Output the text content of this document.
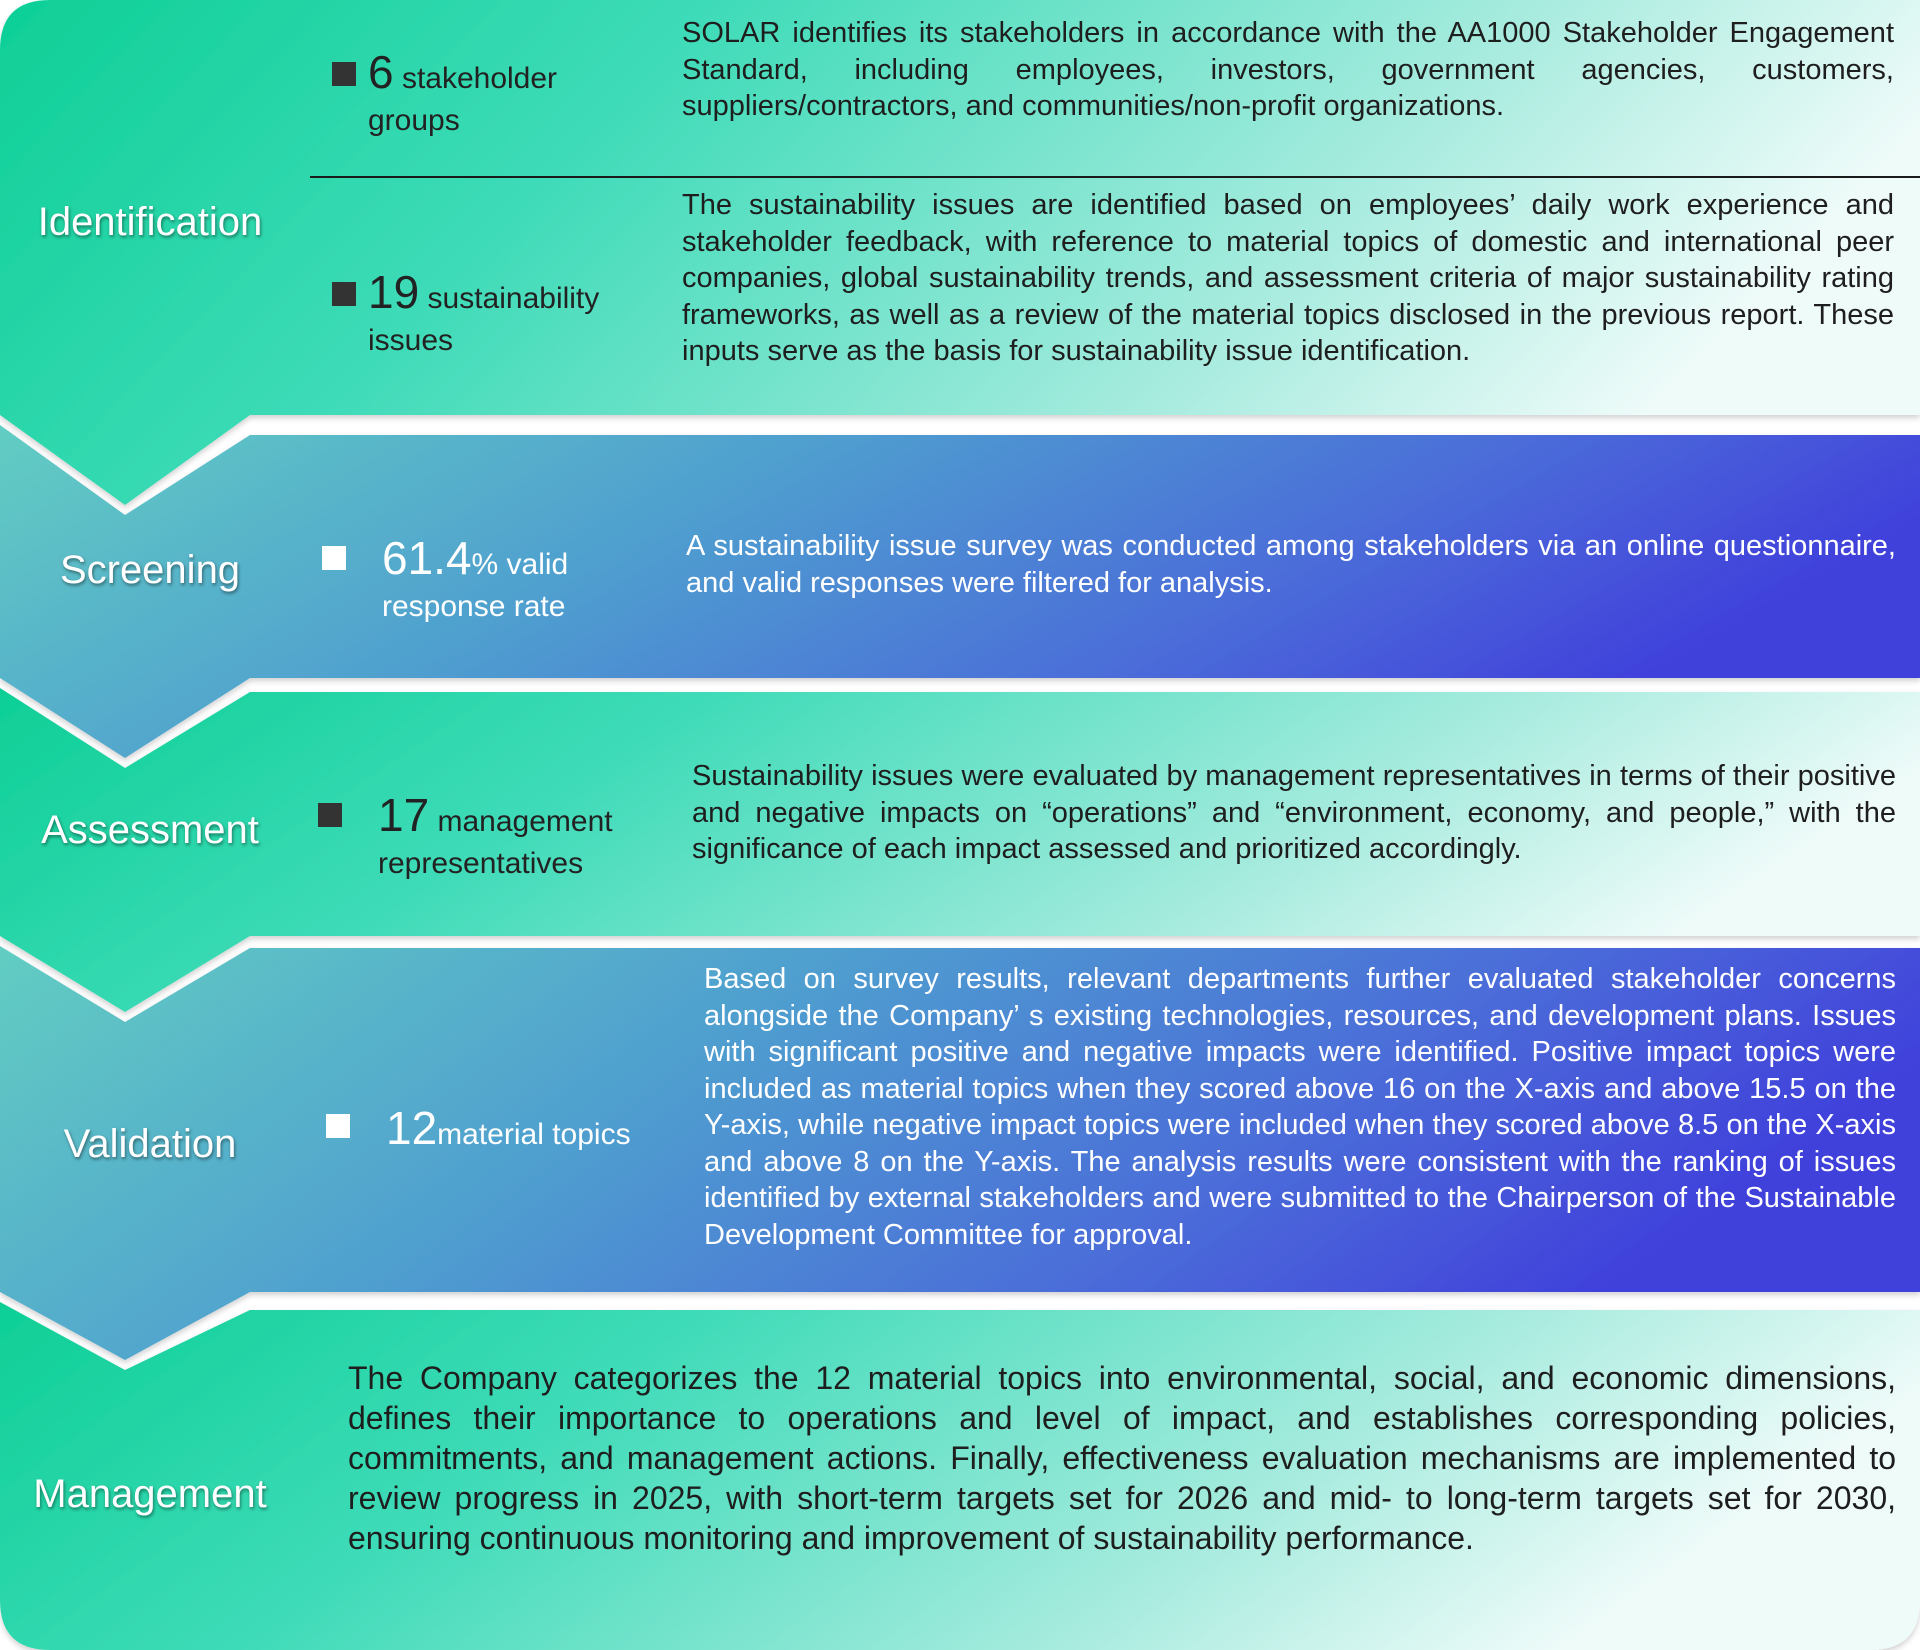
Identification
Screening
Assessment
Validation
Management
6 stakeholder
groups
19 sustainability
issues
SOLAR identifies its stakeholders in accordance with the AA1000 Stakeholder Engagement Standard, including employees, investors, government agencies, customers, suppliers/contractors, and communities/non-profit organizations.
The sustainability issues are identified based on employees’ daily work experience and stakeholder feedback, with reference to material topics of domestic and international peer companies, global sustainability trends, and assessment criteria of major sustainability rating frameworks, as well as a review of the material topics disclosed in the previous report. These inputs serve as the basis for sustainability issue identification.
61.4% valid
response rate
A sustainability issue survey was conducted among stakeholders via an online questionnaire, and valid responses were filtered for analysis.
17 management
representatives
Sustainability issues were evaluated by management representatives in terms of their positive and negative impacts on “operations” and “environment, economy, and people,” with the significance of each impact assessed and prioritized accordingly.
12material topics
Based on survey results, relevant departments further evaluated stakeholder concerns alongside the Company’ s existing technologies, resources, and development plans. Issues with significant positive and negative impacts were identified. Positive impact topics were included as material topics when they scored above 16 on the X-axis and above 15.5 on the Y-axis, while negative impact topics were included when they scored above 8.5 on the X-axis and above 8 on the Y-axis. The analysis results were consistent with the ranking of issues identified by external stakeholders and were submitted to the Chairperson of the Sustainable Development Committee for approval.
The Company categorizes the 12 material topics into environmental, social, and economic dimensions, defines their importance to operations and level of impact, and establishes corresponding policies, commitments, and management actions. Finally, effectiveness evaluation mechanisms are implemented to review progress in 2025, with short-term targets set for 2026 and mid- to long-term targets set for 2030, ensuring continuous monitoring and improvement of sustainability performance.
